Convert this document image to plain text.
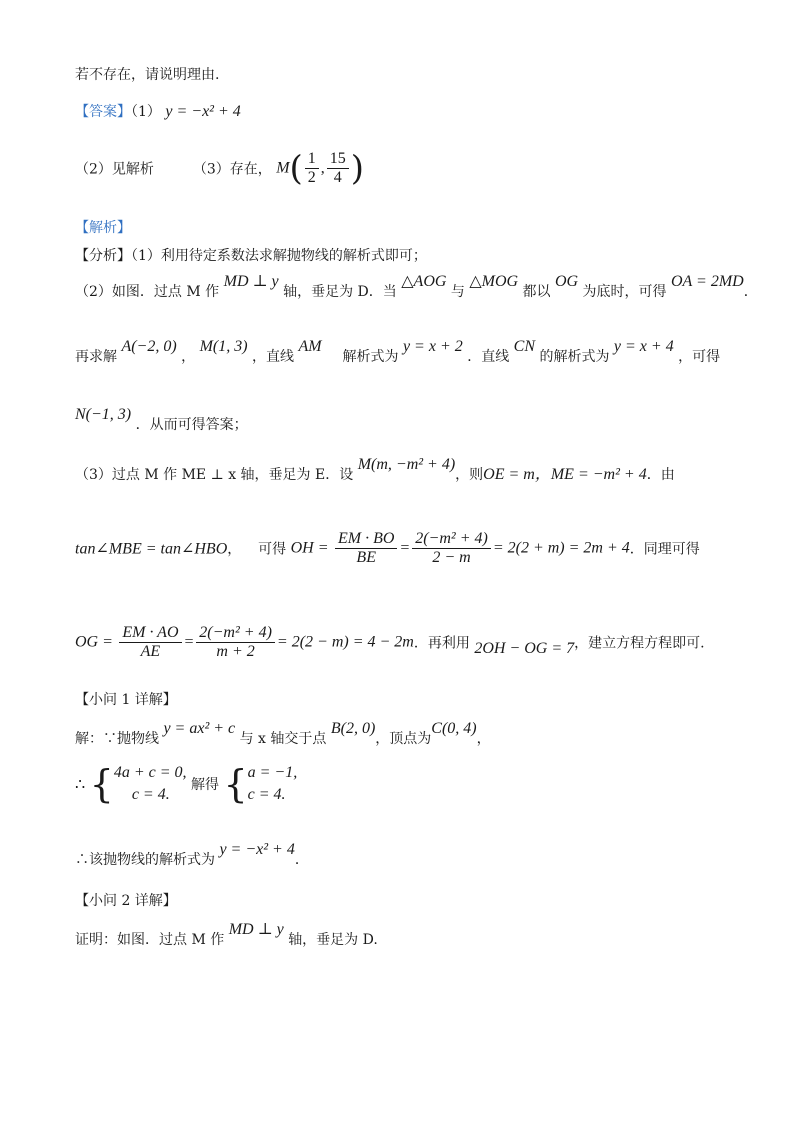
若不存在，请说明理由.
【答案】（1） y = −x² + 4
（2）见解析	（3）存在， $M( \frac{1}{2}$ , $\frac{15}{4}$ )
【解析】
【分析】（1）利用待定系数法求解抛物线的解析式即可；
（2）如图．过点 M 作 MD ⊥ y 轴，垂足为 D．当 △AOG 与 △MOG 都以 OG 为底时，可得 OA = 2MD．
再求解 A(−2, 0) ， M(1, 3) ，直线 AM  解析式为 y = x + 2 ．直线 CN 的解析式为 y = x + 4 ，可得
N(−1, 3) ．从而可得答案；
（3）过点 M 作 ME ⊥ x 轴，垂足为 E．设 M(m, −m² + 4)，则OE = m，ME = −m² + 4．由
tan∠MBE = tan∠HBO， 可得 OH = $\frac{EM \cdot BO}{BE} = \frac{\text{2(−m² + 4)}}{2 - m} = 2(2 + m) = 2m + 4$．同理可得
OG = $\frac{EM \cdot AO}{AE} = \frac{\text{2(−m² + 4)}}{m + 2} = 2(2 - m) = 4 - 2m$．再利用 2OH − OG = 7，建立方程方程即可.
【小问 1 详解】
解：∵抛物线 y = ax² + c 与 x 轴交于点 B(2, 0)，顶点为C(0, 4)，
∴ { 4a + c = 0,
c = 4.
解得 { a = −1,
c = 4.
∴该抛物线的解析式为 y = −x² + 4．
【小问 2 详解】
证明：如图．过点 M 作 MD ⊥ y 轴，垂足为 D.
